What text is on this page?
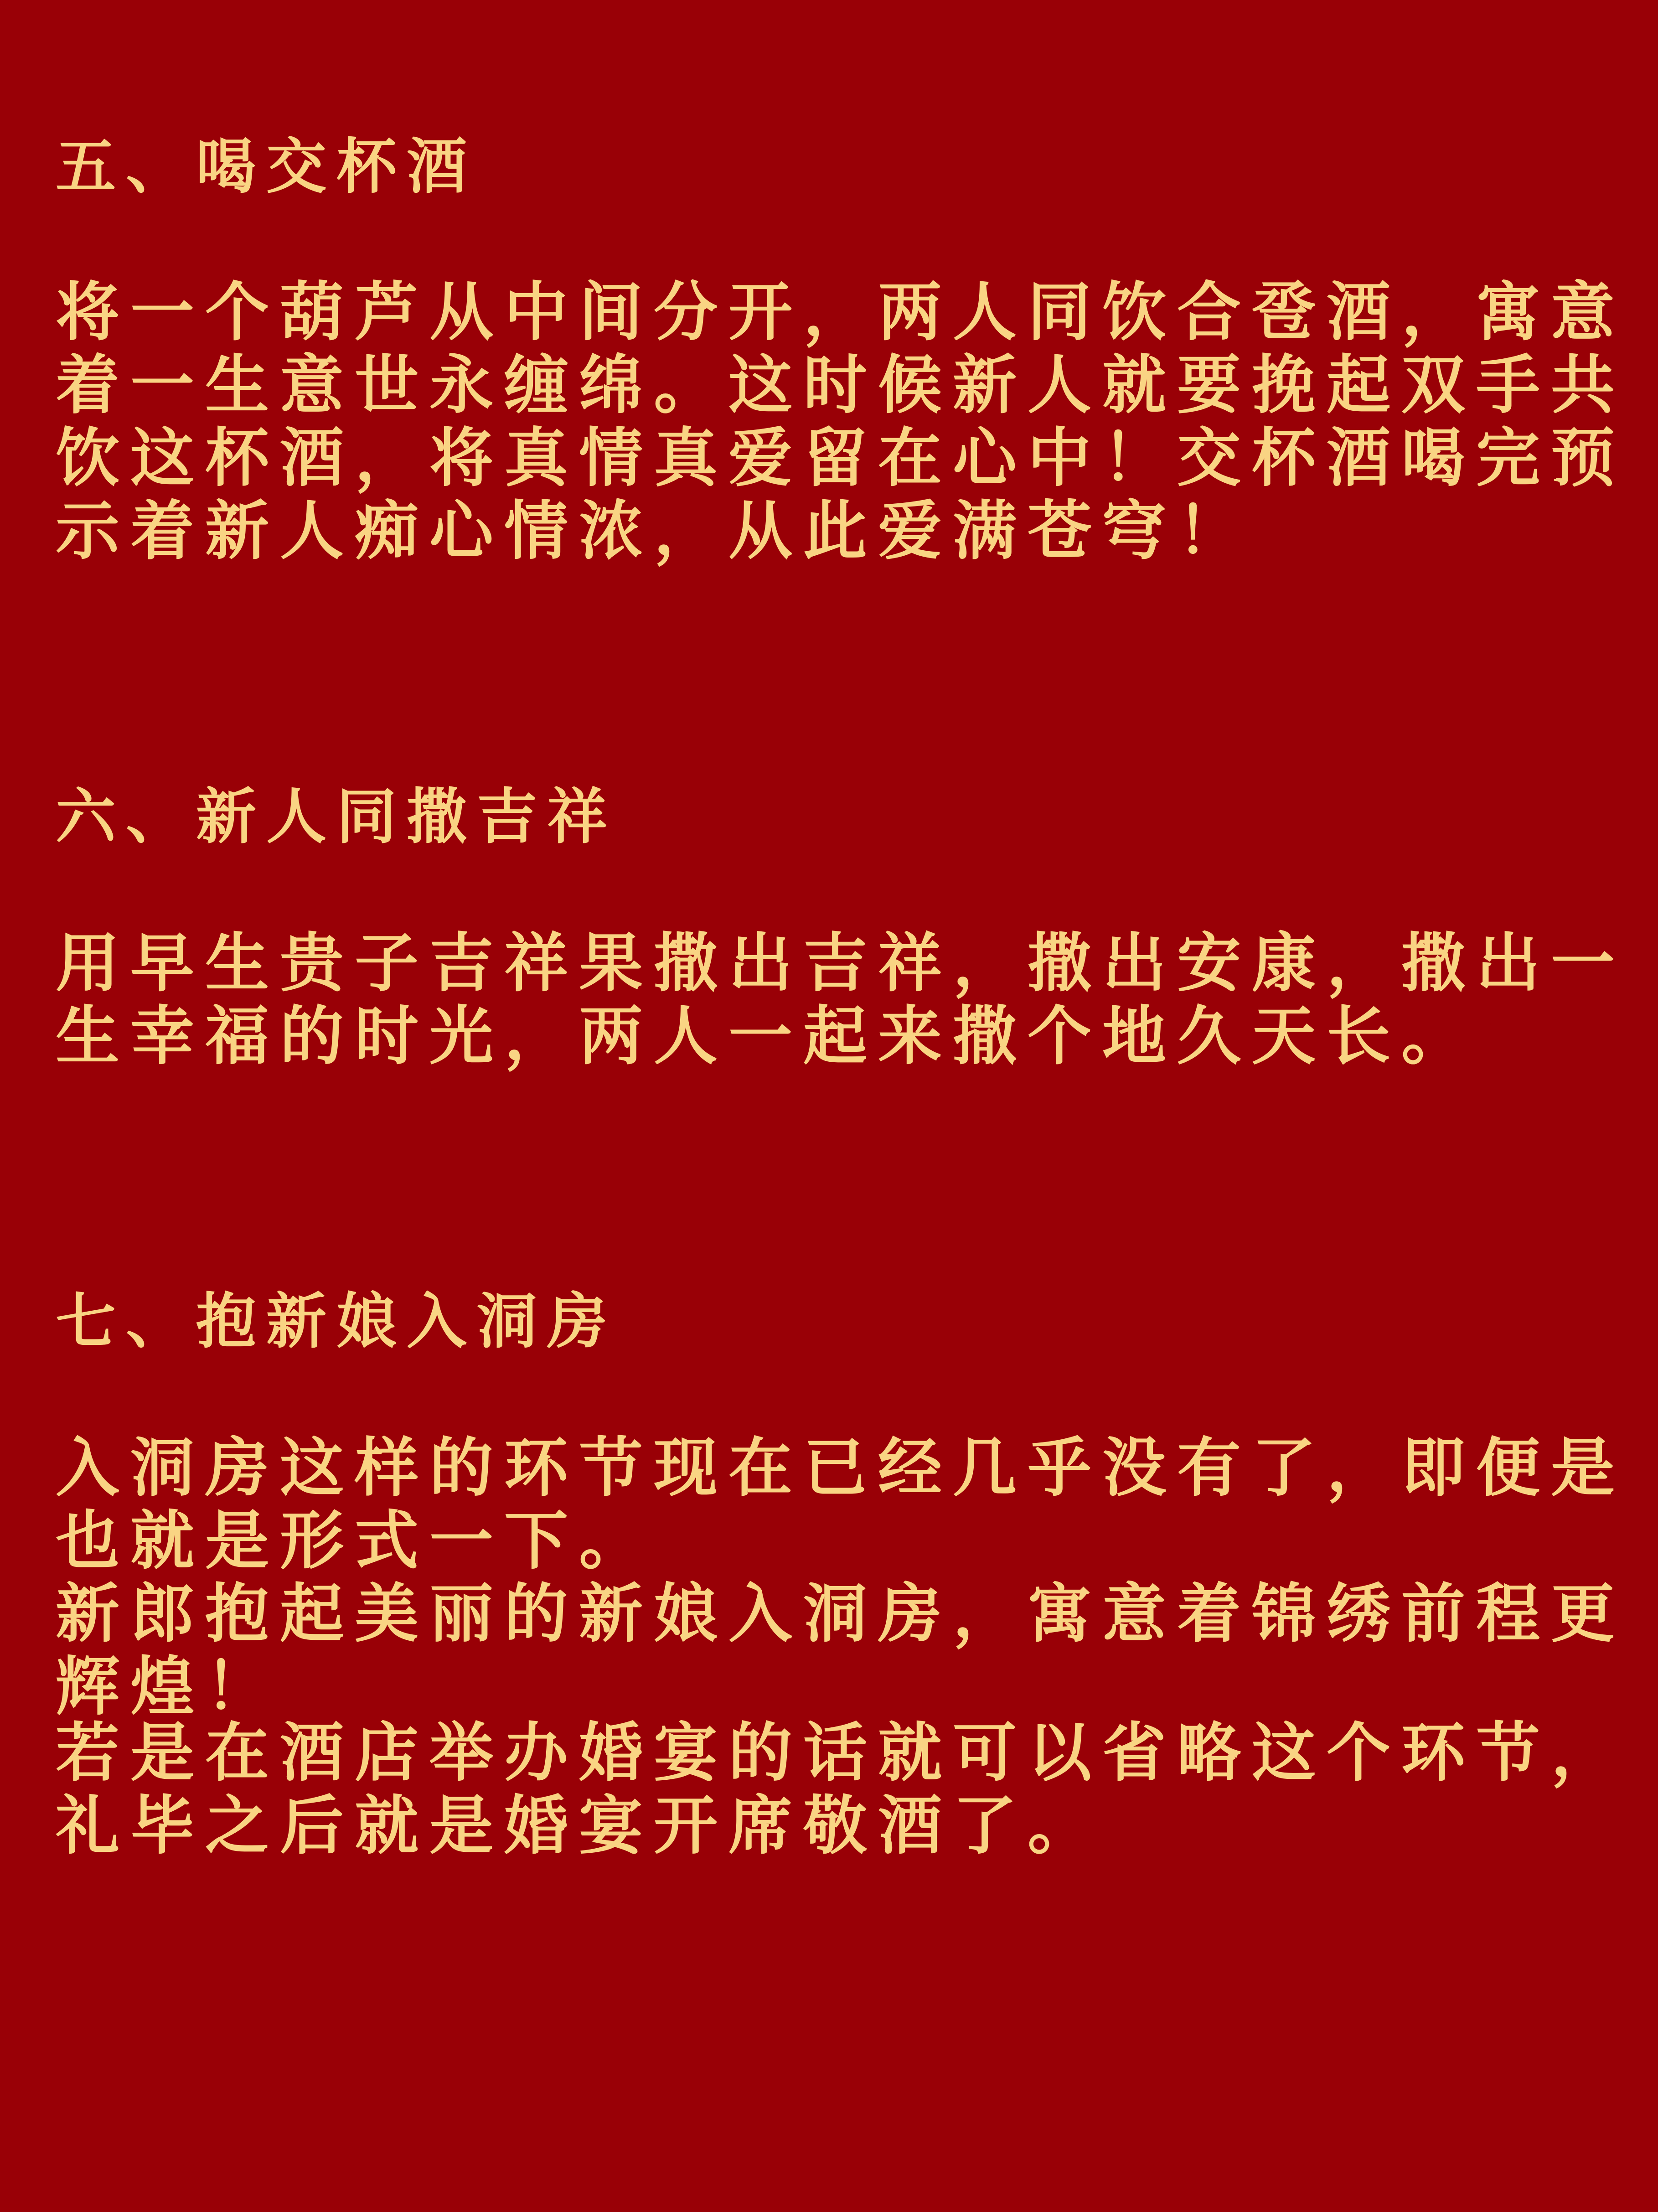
五、喝交杯酒

将一个葫芦从中间分开，两人同饮合卺酒，寓意

着一生意世永缠绵。这时候新人就要挽起双手共

饮这杯酒，将真情真爱留在心中！交杯酒喝完预

示着新人痴心情浓，从此爱满苍穹！

六、新人同撒吉祥

用早生贵子吉祥果撒出吉祥，撒出安康，撒出一

生幸福的时光，两人一起来撒个地久天长。

七、抱新娘入洞房

入洞房这样的环节现在已经几乎没有了，即便是

也就是形式一下。

新郎抱起美丽的新娘入洞房，寓意着锦绣前程更

辉煌！

若是在酒店举办婚宴的话就可以省略这个环节，

礼毕之后就是婚宴开席敬酒了。
